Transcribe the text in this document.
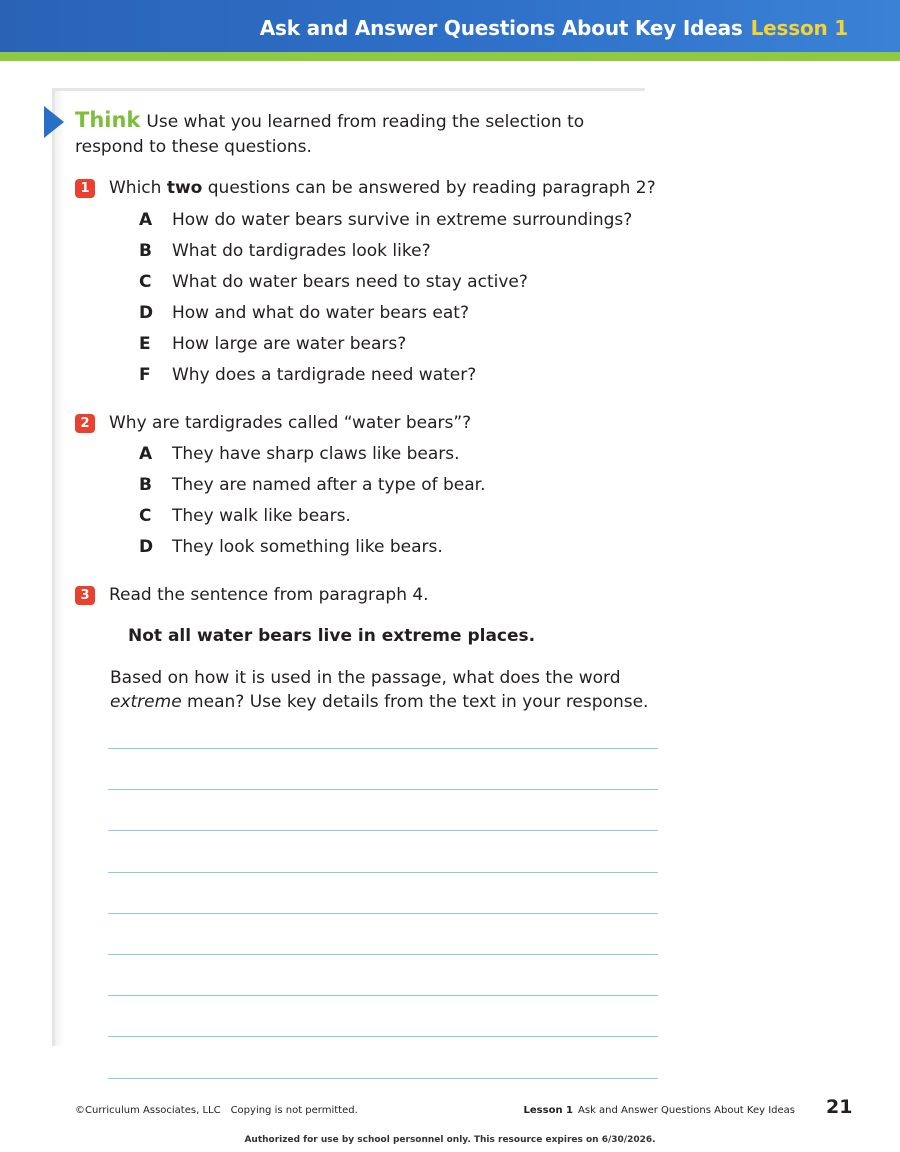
Ask and Answer Questions About Key Ideas Lesson 1
Think Use what you learned from reading the selection to respond to these questions.
1	Which two questions can be answered by reading paragraph 2?
A How do water bears survive in extreme surroundings?
B What do tardigrades look like?
C What do water bears need to stay active?
D How and what do water bears eat?
E How large are water bears?
F Why does a tardigrade need water?
2	Why are tardigrades called “water bears”?
A They have sharp claws like bears.
B They are named after a type of bear.
C They walk like bears.
D They look something like bears.
3	Read the sentence from paragraph 4.
Not all water bears live in extreme places.
Based on how it is used in the passage, what does the word extreme mean? Use key details from the text in your response.
©Curriculum Associates, LLC Copying is not permitted.	Lesson 1 Ask and Answer Questions About Key Ideas 21
Authorized for use by school personnel only. This resource expires on 6/30/2026.
